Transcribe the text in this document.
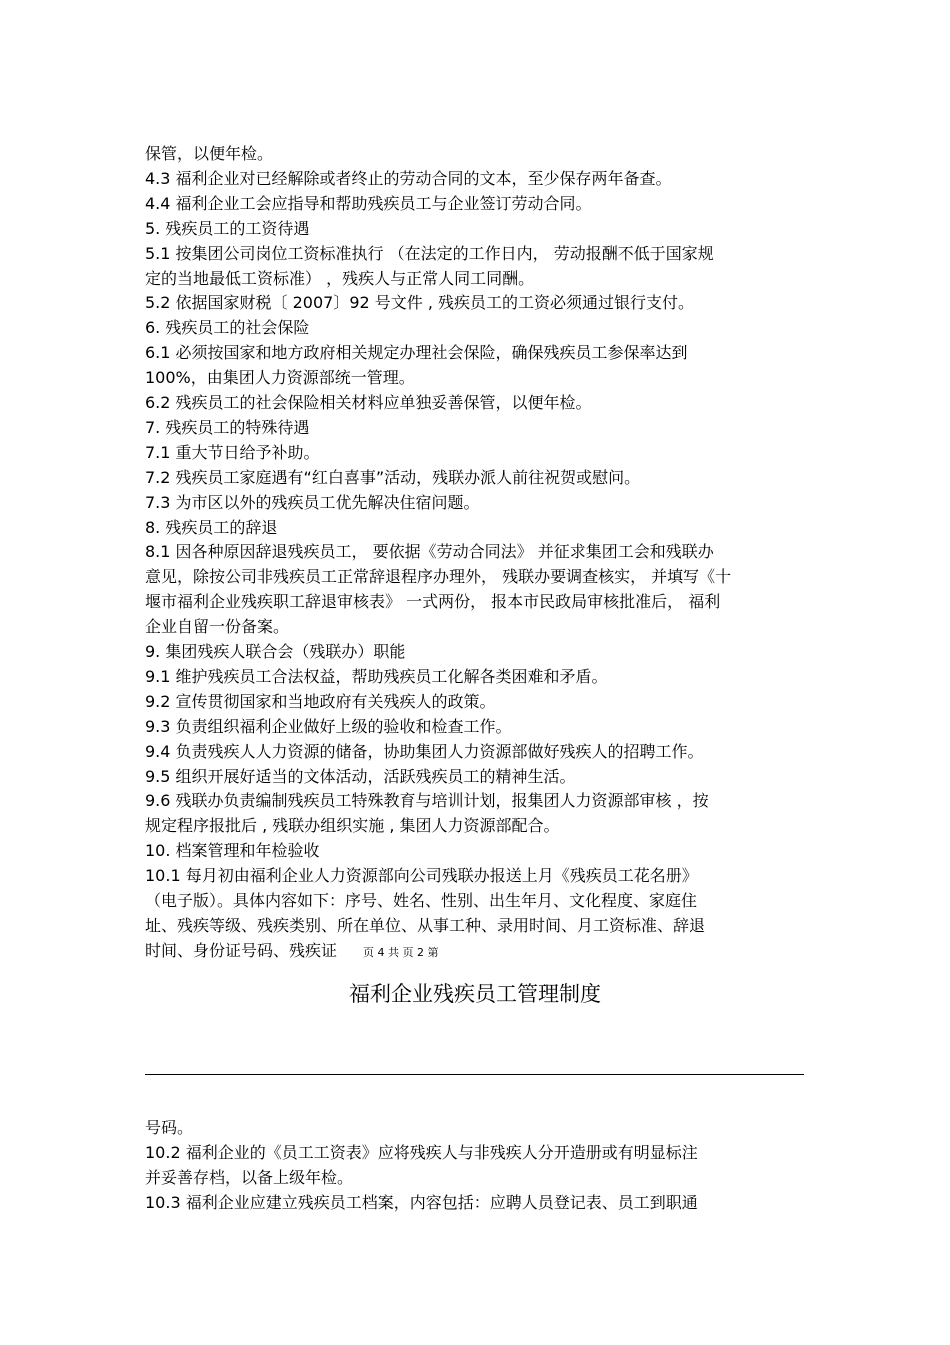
保管，以便年检。
4.3 福利企业对已经解除或者终止的劳动合同的文本，至少保存两年备查。
4.4 福利企业工会应指导和帮助残疾员工与企业签订劳动合同。
5. 残疾员工的工资待遇
5.1 按集团公司岗位工资标准执行 （在法定的工作日内， 劳动报酬不低于国家规
定的当地最低工资标准） ，残疾人与正常人同工同酬。
5.2 依据国家财税〔 2007〕92 号文件 , 残疾员工的工资必须通过银行支付。
6. 残疾员工的社会保险
6.1 必须按国家和地方政府相关规定办理社会保险，确保残疾员工参保率达到
100%，由集团人力资源部统一管理。
6.2 残疾员工的社会保险相关材料应单独妥善保管，以便年检。
7. 残疾员工的特殊待遇
7.1 重大节日给予补助。
7.2 残疾员工家庭遇有“红白喜事”活动，残联办派人前往祝贺或慰问。
7.3 为市区以外的残疾员工优先解决住宿问题。
8. 残疾员工的辞退
8.1 因各种原因辞退残疾员工， 要依据《劳动合同法》 并征求集团工会和残联办
意见，除按公司非残疾员工正常辞退程序办理外， 残联办要调查核实， 并填写《十
堰市福利企业残疾职工辞退审核表》 一式两份， 报本市民政局审核批准后， 福利
企业自留一份备案。
9. 集团残疾人联合会（残联办）职能
9.1 维护残疾员工合法权益，帮助残疾员工化解各类困难和矛盾。
9.2 宣传贯彻国家和当地政府有关残疾人的政策。
9.3 负责组织福利企业做好上级的验收和检查工作。
9.4 负责残疾人人力资源的储备，协助集团人力资源部做好残疾人的招聘工作。
9.5 组织开展好适当的文体活动，活跃残疾员工的精神生活。
9.6 残联办负责编制残疾员工特殊教育与培训计划，报集团人力资源部审核 ，按
规定程序报批后 , 残联办组织实施 , 集团人力资源部配合。
10. 档案管理和年检验收
10.1 每月初由福利企业人力资源部向公司残联办报送上月《残疾员工花名册》
（电子版）。具体内容如下：序号、姓名、性别、出生年月、文化程度、家庭住
址、残疾等级、残疾类别、所在单位、从事工种、录用时间、月工资标准、辞退
时间、身份证号码、残疾证 页 4 共 页 2 第
福利企业残疾员工管理制度
号码。
10.2 福利企业的《员工工资表》应将残疾人与非残疾人分开造册或有明显标注
并妥善存档，以备上级年检。
10.3 福利企业应建立残疾员工档案，内容包括：应聘人员登记表、员工到职通
